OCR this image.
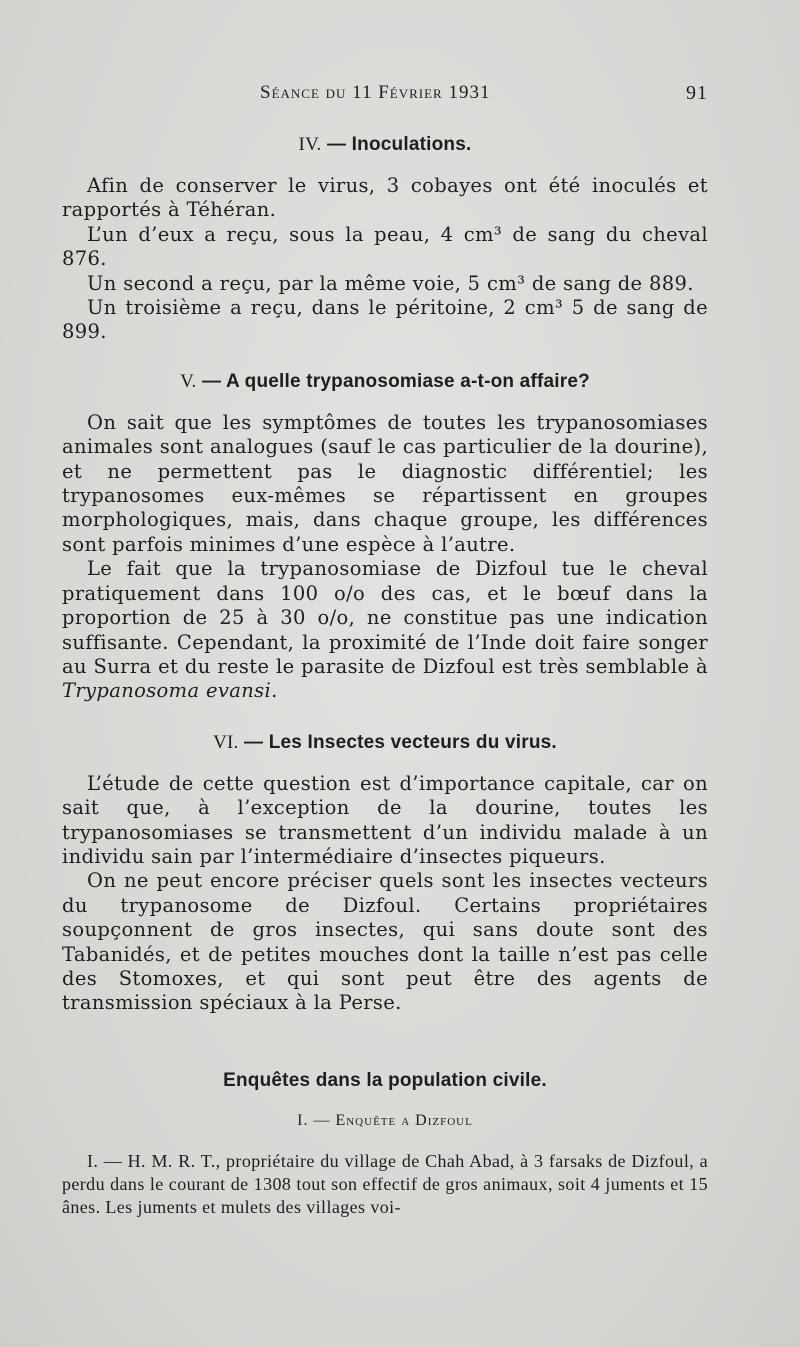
Séance du 11 Février 1931	91
IV. — Inoculations.

Afin de conserver le virus, 3 cobayes ont été inoculés et rapportés à Téhéran.

L’un d’eux a reçu, sous la peau, 4 cm³ de sang du cheval 876.

Un second a reçu, par la même voie, 5 cm³ de sang de 889.

Un troisième a reçu, dans le péritoine, 2 cm³ 5 de sang de 899.

V. — A quelle trypanosomiase a-t-on affaire?

On sait que les symptômes de toutes les trypanosomiases animales sont analogues (sauf le cas particulier de la dourine), et ne permettent pas le diagnostic différentiel; les trypanosomes eux-mêmes se répartissent en groupes morphologiques, mais, dans chaque groupe, les différences sont parfois minimes d’une espèce à l’autre.

Le fait que la trypanosomiase de Dizfoul tue le cheval pratiquement dans 100 o/o des cas, et le bœuf dans la proportion de 25 à 30 o/o, ne constitue pas une indication suffisante. Cependant, la proximité de l’Inde doit faire songer au Surra et du reste le parasite de Dizfoul est très semblable à Trypanosoma evansi.

VI. — Les Insectes vecteurs du virus.

L’étude de cette question est d’importance capitale, car on sait que, à l’exception de la dourine, toutes les trypanosomiases se transmettent d’un individu malade à un individu sain par l’intermédiaire d’insectes piqueurs.

On ne peut encore préciser quels sont les insectes vecteurs du trypanosome de Dizfoul. Certains propriétaires soupçonnent de gros insectes, qui sans doute sont des Tabanidés, et de petites mouches dont la taille n’est pas celle des Stomoxes, et qui sont peut être des agents de transmission spéciaux à la Perse.

Enquêtes dans la population civile.
I. — Enquête a Dizfoul

I. — H. M. R. T., propriétaire du village de Chah Abad, à 3 farsaks de Dizfoul, a perdu dans le courant de 1308 tout son effectif de gros animaux, soit 4 juments et 15 ânes. Les juments et mulets des villages voi-
